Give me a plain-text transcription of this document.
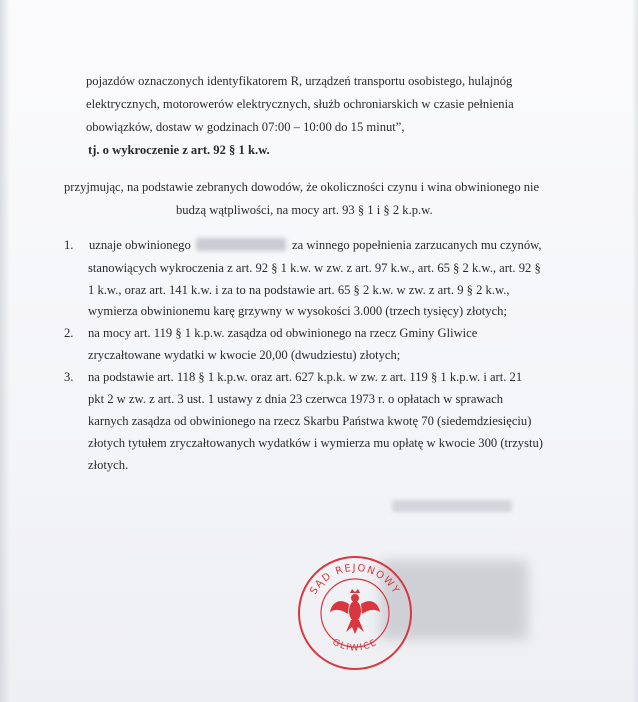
pojazdów oznaczonych identyfikatorem R, urządzeń transportu osobistego, hulajnóg
elektrycznych, motorowerów elektrycznych, służb ochroniarskich w czasie pełnienia
obowiązków, dostaw w godzinach 07:00 – 10:00 do 15 minut”,
tj. o wykroczenie z art. 92 § 1 k.w.
przyjmując, na podstawie zebranych dowodów, że okoliczności czynu i wina obwinionego nie
budzą wątpliwości, na mocy art. 93 § 1 i § 2 k.p.w.
1. uznaje obwinionego	za winnego popełnienia zarzucanych mu czynów,
stanowiących wykroczenia z art. 92 § 1 k.w. w zw. z art. 97 k.w., art. 65 § 2 k.w., art. 92 §
1 k.w., oraz art. 141 k.w. i za to na podstawie art. 65 § 2 k.w. w zw. z art. 9 § 2 k.w.,
wymierza obwinionemu karę grzywny w wysokości 3.000 (trzech tysięcy) złotych;
2. na mocy art. 119 § 1 k.p.w. zasądza od obwinionego na rzecz Gminy Gliwice
zryczałtowane wydatki w kwocie 20,00 (dwudziestu) złotych;
3. na podstawie art. 118 § 1 k.p.w. oraz art. 627 k.p.k. w zw. z art. 119 § 1 k.p.w. i art. 21
pkt 2 w zw. z art. 3 ust. 1 ustawy z dnia 23 czerwca 1973 r. o opłatach w sprawach
karnych zasądza od obwinionego na rzecz Skarbu Państwa kwotę 70 (siedemdziesięciu)
złotych tytułem zryczałtowanych wydatków i wymierza mu opłatę w kwocie 300 (trzystu)
złotych.
SĄD REJONOWY
GLIWICE
